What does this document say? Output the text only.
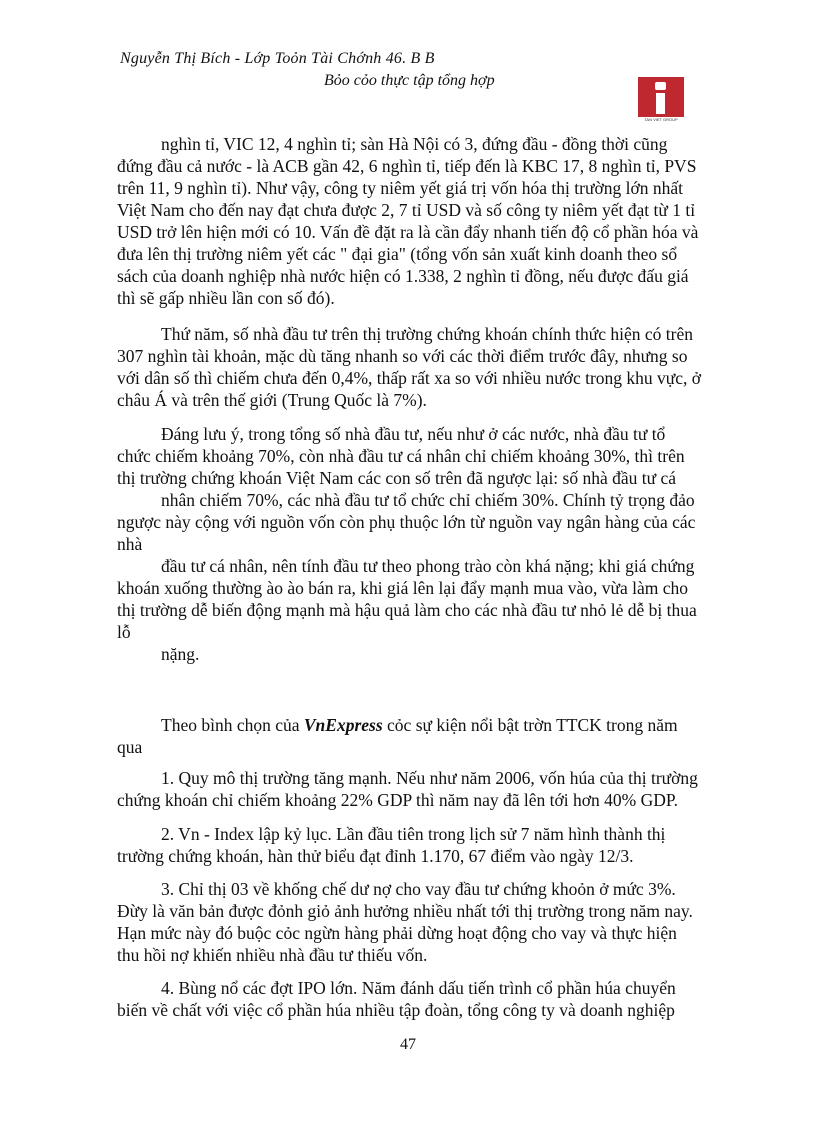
Nguyễn Thị Bích - Lớp Toỏn Tài Chớnh 46. B B
Bỏo cỏo thực tập tổng hợp
TAN VIET GROUP

nghìn tỉ, VIC 12, 4 nghìn tỉ; sàn Hà Nội có 3, đứng đầu - đồng thời cũng

đứng đầu cả nước - là ACB gần 42, 6 nghìn tỉ, tiếp đến là KBC 17, 8 nghìn tỉ, PVS

trên 11, 9 nghìn tỉ). Như vậy, công ty niêm yết giá trị vốn hóa thị trường lớn nhất

Việt Nam cho đến nay đạt chưa được 2, 7 tỉ USD và số công ty niêm yết đạt từ 1 tỉ

USD trở lên hiện mới có 10. Vấn đề đặt ra là cần đẩy nhanh tiến độ cổ phần hóa và

đưa lên thị trường niêm yết các " đại gia" (tổng vốn sản xuất kinh doanh theo sổ

sách của doanh nghiệp nhà nước hiện có 1.338, 2 nghìn tỉ đồng, nếu được đấu giá

thì sẽ gấp nhiều lần con số đó).

Thứ năm, số nhà đầu tư trên thị trường chứng khoán chính thức hiện có trên

307 nghìn tài khoản, mặc dù tăng nhanh so với các thời điểm trước đây, nhưng so

với dân số thì chiếm chưa đến 0,4%, thấp rất xa so với nhiều nước trong khu vực, ở

châu Á và trên thế giới (Trung Quốc là 7%).

Đáng lưu ý, trong tổng số nhà đầu tư, nếu như ở các nước, nhà đầu tư tổ

chức chiếm khoảng 70%, còn nhà đầu tư cá nhân chỉ chiếm khoảng 30%, thì trên

thị trường chứng khoán Việt Nam các con số trên đã ngược lại: số nhà đầu tư cá

nhân chiếm 70%, các nhà đầu tư tổ chức chỉ chiếm 30%. Chính tỷ trọng đảo

ngược này cộng với nguồn vốn còn phụ thuộc lớn từ nguồn vay ngân hàng của các

nhà

đầu tư cá nhân, nên tính đầu tư theo phong trào còn khá nặng; khi giá chứng

khoán xuống thường ào ào bán ra, khi giá lên lại đẩy mạnh mua vào, vừa làm cho

thị trường dễ biến động mạnh mà hậu quả làm cho các nhà đầu tư nhỏ lẻ dễ bị thua

lỗ

nặng.

Theo bình chọn của VnExpress cỏc sự kiện nổi bật trờn TTCK trong năm

qua

1. Quy mô thị trường tăng mạnh. Nếu như năm 2006, vốn húa của thị trường

chứng khoán chỉ chiếm khoảng 22% GDP thì năm nay đã lên tới hơn 40% GDP.

2. Vn - Index lập kỷ lục. Lần đầu tiên trong lịch sử 7 năm hình thành thị

trường chứng khoán, hàn thử biểu đạt đỉnh 1.170, 67 điểm vào ngày 12/3.

3. Chỉ thị 03 về khống chế dư nợ cho vay đầu tư chứng khoỏn ở mức 3%.

Đừy là văn bản được đỏnh giỏ ảnh hưởng nhiều nhất tới thị trường trong năm nay.

Hạn mức này đó buộc cỏc ngừn hàng phải dừng hoạt động cho vay và thực hiện

thu hồi nợ khiến nhiều nhà đầu tư thiếu vốn.

4. Bùng nổ các đợt IPO lớn. Năm đánh dấu tiến trình cổ phần húa chuyển

biến về chất với việc cổ phần húa nhiều tập đoàn, tổng công ty và doanh nghiệp

47
